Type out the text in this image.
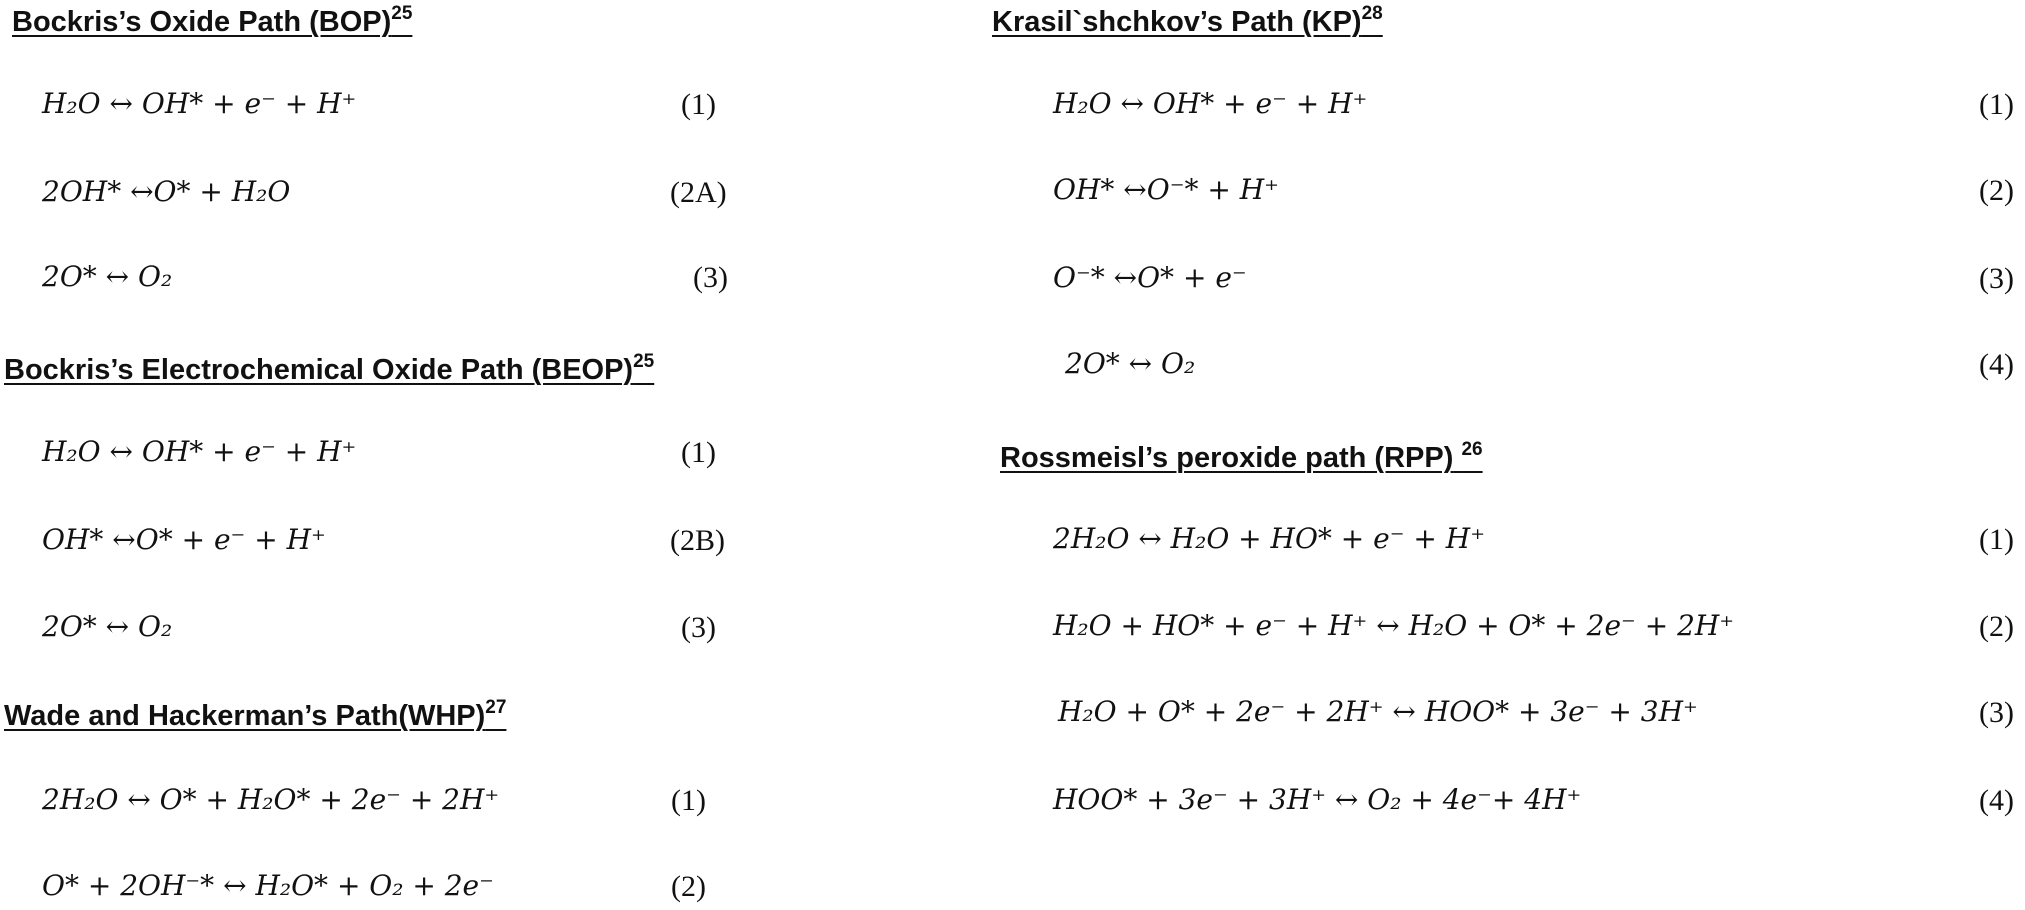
Bockris’s Oxide Path (BOP)$^{25}$
H₂O ↔ OH* + e⁻ + H⁺	(1)
2OH* ↔O* + H₂O	(2A)
2O* ↔ O₂	(3)
Bockris’s Electrochemical Oxide Path (BEOP)$^{25}$
H₂O ↔ OH* + e⁻ + H⁺	(1)
OH* ↔O* + e⁻ + H⁺	(2B)
2O* ↔ O₂	(3)
Wade and Hackerman’s Path(WHP)$^{27}$
2H₂O ↔ O* + H₂O* + 2e⁻ + 2H⁺	(1)
O* + 2OH⁻* ↔ H₂O* + O₂ + 2e⁻	(2)
Krasil`shchkov’s Path (KP)$^{28}$
H₂O ↔ OH* + e⁻ + H⁺	(1)
OH* ↔O⁻* + H⁺	(2)
O⁻* ↔O* + e⁻	(3)
2O* ↔ O₂	(4)
Rossmeisl’s peroxide path (RPP) $^{26}$
2H₂O ↔ H₂O + HO* + e⁻ + H⁺	(1)
H₂O + HO* + e⁻ + H⁺ ↔ H₂O + O* + 2e⁻ + 2H⁺	(2)
H₂O + O* + 2e⁻ + 2H⁺ ↔ HOO* + 3e⁻ + 3H⁺	(3)
HOO* + 3e⁻ + 3H⁺ ↔ O₂ + 4e⁻+ 4H⁺	(4)
